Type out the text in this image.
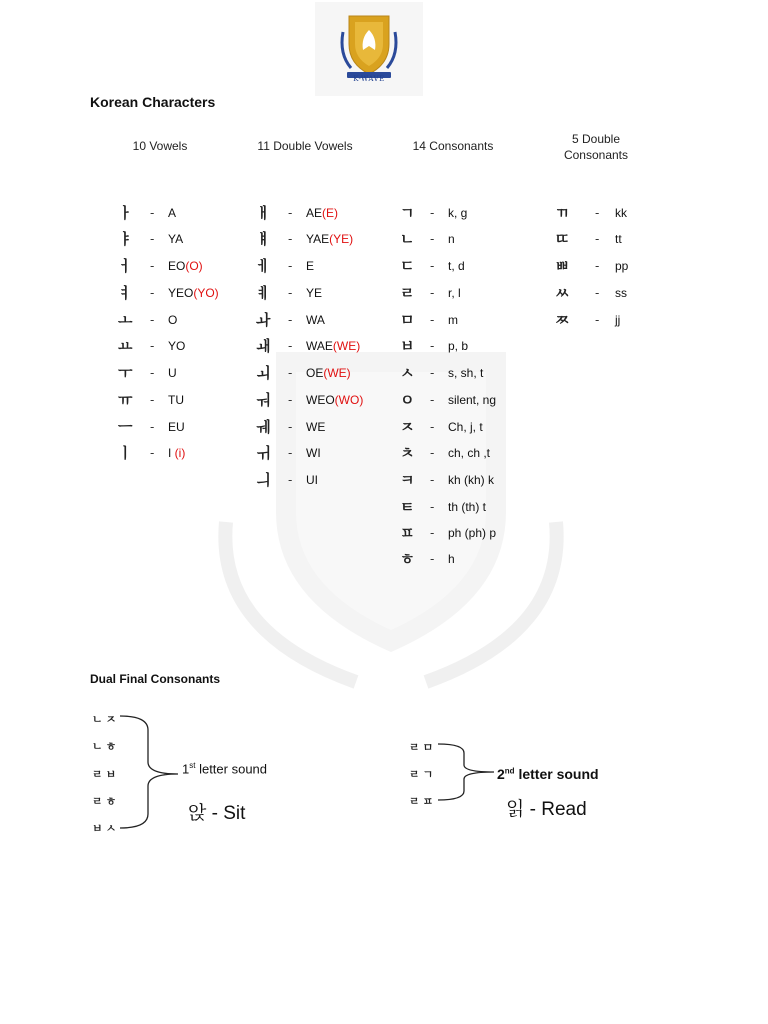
K-WAVE
Korean Characters
10 Vowels	11 Double Vowels	14 Consonants	5 Double
Consonants
ㅏ - A
ㅑ - YA
ㅓ - EO(O)
ㅕ - YEO(YO)
ㅗ - O
ㅛ - YO
ㅜ - U
ㅠ - TU
ㅡ - EU
ㅣ - I (i)
ㅐ - AE(E)
ㅒ - YAE(YE)
ㅔ - E
ㅖ - YE
ㅘ - WA
ㅙ - WAE(WE)
ㅚ - OE(WE)
ㅝ - WEO(WO)
ㅞ - WE
ㅟ - WI
ㅢ - UI
ㄱ - k, g
ㄴ - n
ㄷ - t, d
ㄹ - r, l
ㅁ - m
ㅂ - p, b
ㅅ - s, sh, t
ㅇ - silent, ng
ㅈ - Ch, j, t
ㅊ - ch, ch ,t
ㅋ - kh (kh) k
ㅌ - th (th) t
ㅍ - ph (ph) p
ㅎ - h
ㄲ - kk
ㄸ - tt
ㅃ - pp
ㅆ - ss
ㅉ - jj
Dual Final Consonants
ㄴㅈ
ㄴㅎ
ㄹㅂ
ㄹㅎ
ㅂㅅ
1st letter sound
앉 - Sit
ㄹㅁ
ㄹㄱ
ㄹㅍ
2nd letter sound
읽 - Read
